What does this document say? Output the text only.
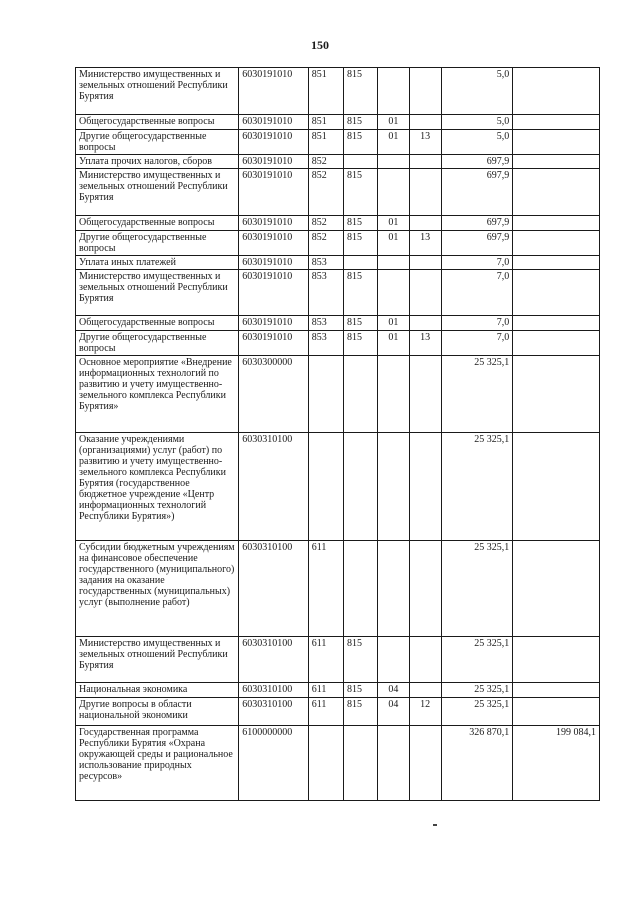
150
Министерство имущественных и земельных отношений Республики Бурятия	6030191010	851	815			5,0	
Общегосударственные вопросы	6030191010	851	815	01		5,0	
Другие общегосударственные вопросы	6030191010	851	815	01	13	5,0	
Уплата прочих налогов, сборов	6030191010	852				697,9	
Министерство имущественных и земельных отношений Республики Бурятия	6030191010	852	815			697,9	
Общегосударственные вопросы	6030191010	852	815	01		697,9	
Другие общегосударственные вопросы	6030191010	852	815	01	13	697,9	
Уплата иных платежей	6030191010	853				7,0	
Министерство имущественных и земельных отношений Республики Бурятия	6030191010	853	815			7,0	
Общегосударственные вопросы	6030191010	853	815	01		7,0	
Другие общегосударственные вопросы	6030191010	853	815	01	13	7,0	
Основное мероприятие «Внедрение информационных технологий по развитию и учету имущественно-земельного комплекса Республики Бурятия»	6030300000					25 325,1	
Оказание учреждениями (организациями) услуг (работ) по развитию и учету имущественно-земельного комплекса Республики Бурятия (государственное бюджетное учреждение «Центр информационных технологий Республики Бурятия»)	6030310100					25 325,1	
Субсидии бюджетным учреждениям на финансовое обеспечение государственного (муниципального) задания на оказание государственных (муниципальных) услуг (выполнение работ)	6030310100	611				25 325,1	
Министерство имущественных и земельных отношений Республики Бурятия	6030310100	611	815			25 325,1	
Национальная экономика	6030310100	611	815	04		25 325,1	
Другие вопросы в области национальной экономики	6030310100	611	815	04	12	25 325,1	
Государственная программа Республики Бурятия «Охрана окружающей среды и рациональное использование природных ресурсов»	6100000000					326 870,1	199 084,1
